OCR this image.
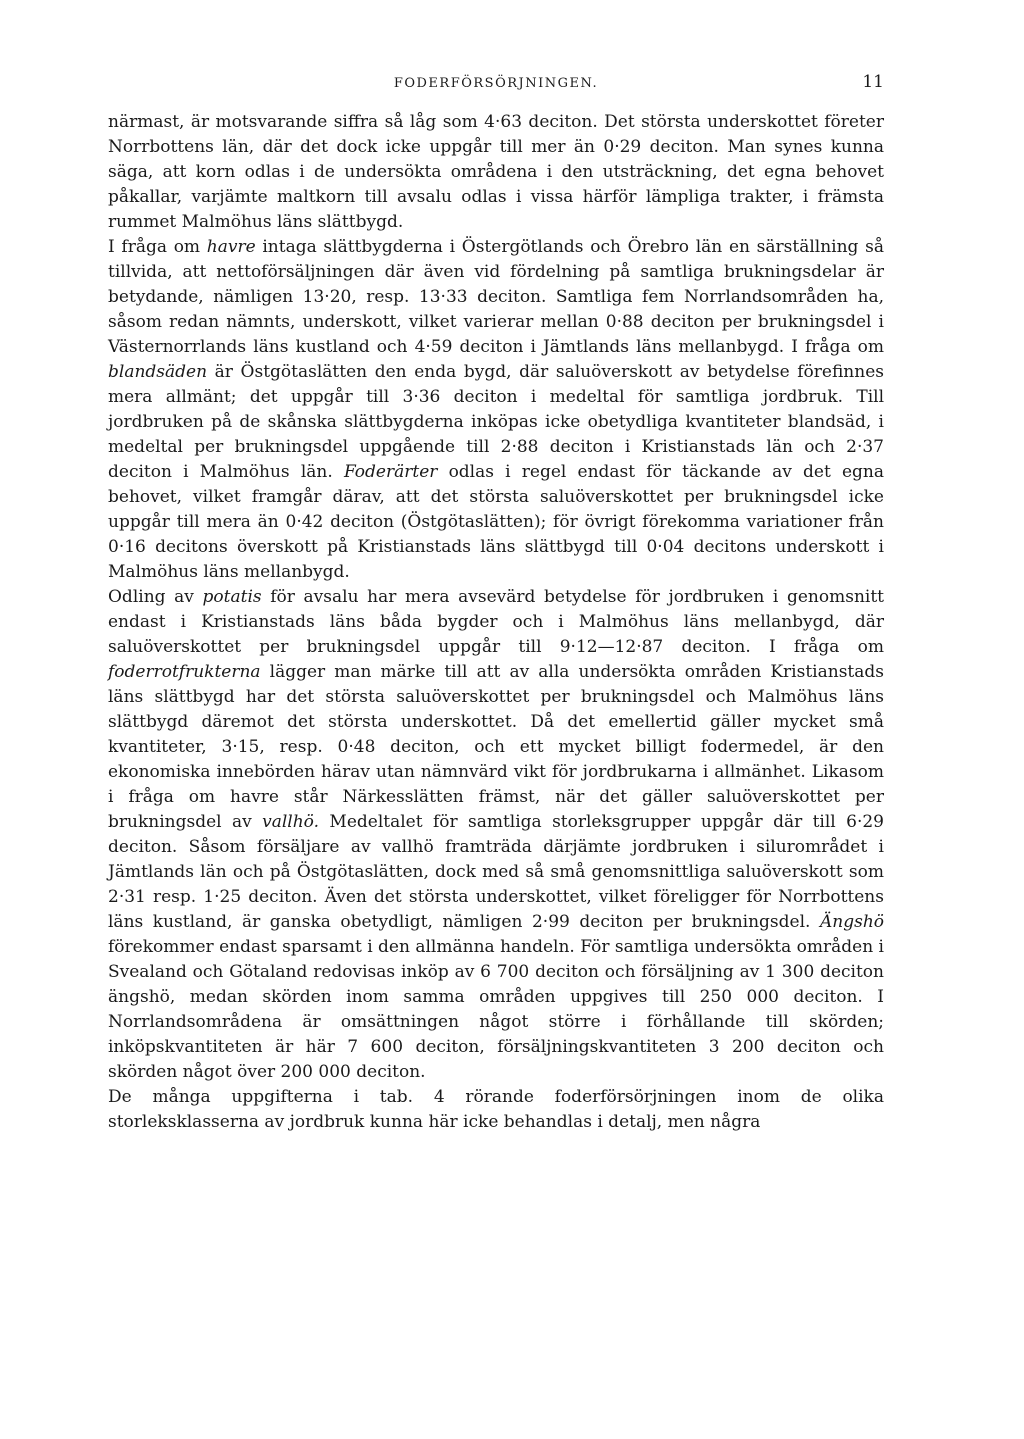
FODERFÖRSÖRJNINGEN.	11

närmast, är motsvarande siffra så låg som 4·63 deciton. Det största underskottet företer Norrbottens län, där det dock icke uppgår till mer än 0·29 deciton. Man synes kunna säga, att korn odlas i de undersökta områdena i den utsträckning, det egna behovet påkallar, varjämte maltkorn till avsalu odlas i vissa härför lämpliga trakter, i främsta rummet Malmöhus läns slättbygd.

I fråga om havre intaga slättbygderna i Östergötlands och Örebro län en särställning så tillvida, att nettoförsäljningen där även vid fördelning på samtliga brukningsdelar är betydande, nämligen 13·20, resp. 13·33 deciton. Samtliga fem Norrlandsområden ha, såsom redan nämnts, underskott, vilket varierar mellan 0·88 deciton per brukningsdel i Västernorrlands läns kustland och 4·59 deciton i Jämtlands läns mellanbygd. I fråga om blandsäden är Östgötaslätten den enda bygd, där saluöverskott av betydelse förefinnes mera allmänt; det uppgår till 3·36 deciton i medeltal för samtliga jordbruk. Till jordbruken på de skånska slättbygderna inköpas icke obetydliga kvantiteter blandsäd, i medeltal per brukningsdel uppgående till 2·88 deciton i Kristianstads län och 2·37 deciton i Malmöhus län. Foderärter odlas i regel endast för täckande av det egna behovet, vilket framgår därav, att det största saluöverskottet per brukningsdel icke uppgår till mera än 0·42 deciton (Östgötaslätten); för övrigt förekomma variationer från 0·16 decitons överskott på Kristianstads läns slättbygd till 0·04 decitons underskott i Malmöhus läns mellanbygd.

Odling av potatis för avsalu har mera avsevärd betydelse för jordbruken i genomsnitt endast i Kristianstads läns båda bygder och i Malmöhus läns mellanbygd, där saluöverskottet per brukningsdel uppgår till 9·12—12·87 deciton. I fråga om foderrotfrukterna lägger man märke till att av alla undersökta områden Kristianstads läns slättbygd har det största saluöverskottet per brukningsdel och Malmöhus läns slättbygd däremot det största underskottet. Då det emellertid gäller mycket små kvantiteter, 3·15, resp. 0·48 deciton, och ett mycket billigt fodermedel, är den ekonomiska innebörden härav utan nämnvärd vikt för jordbrukarna i allmänhet. Likasom i fråga om havre står Närkesslätten främst, när det gäller saluöverskottet per brukningsdel av vallhö. Medeltalet för samtliga storleksgrupper uppgår där till 6·29 deciton. Såsom försäljare av vallhö framträda därjämte jordbruken i silurområdet i Jämtlands län och på Östgötaslätten, dock med så små genomsnittliga saluöverskott som 2·31 resp. 1·25 deciton. Även det största underskottet, vilket föreligger för Norrbottens läns kustland, är ganska obetydligt, nämligen 2·99 deciton per brukningsdel. Ängshö förekommer endast sparsamt i den allmänna handeln. För samtliga undersökta områden i Svealand och Götaland redovisas inköp av 6 700 deciton och försäljning av 1 300 deciton ängshö, medan skörden inom samma områden uppgives till 250 000 deciton. I Norrlandsområdena är omsättningen något större i förhållande till skörden; inköpskvantiteten är här 7 600 deciton, försäljningskvantiteten 3 200 deciton och skörden något över 200 000 deciton.

De många uppgifterna i tab. 4 rörande foderförsörjningen inom de olika storleksklasserna av jordbruk kunna här icke behandlas i detalj, men några
